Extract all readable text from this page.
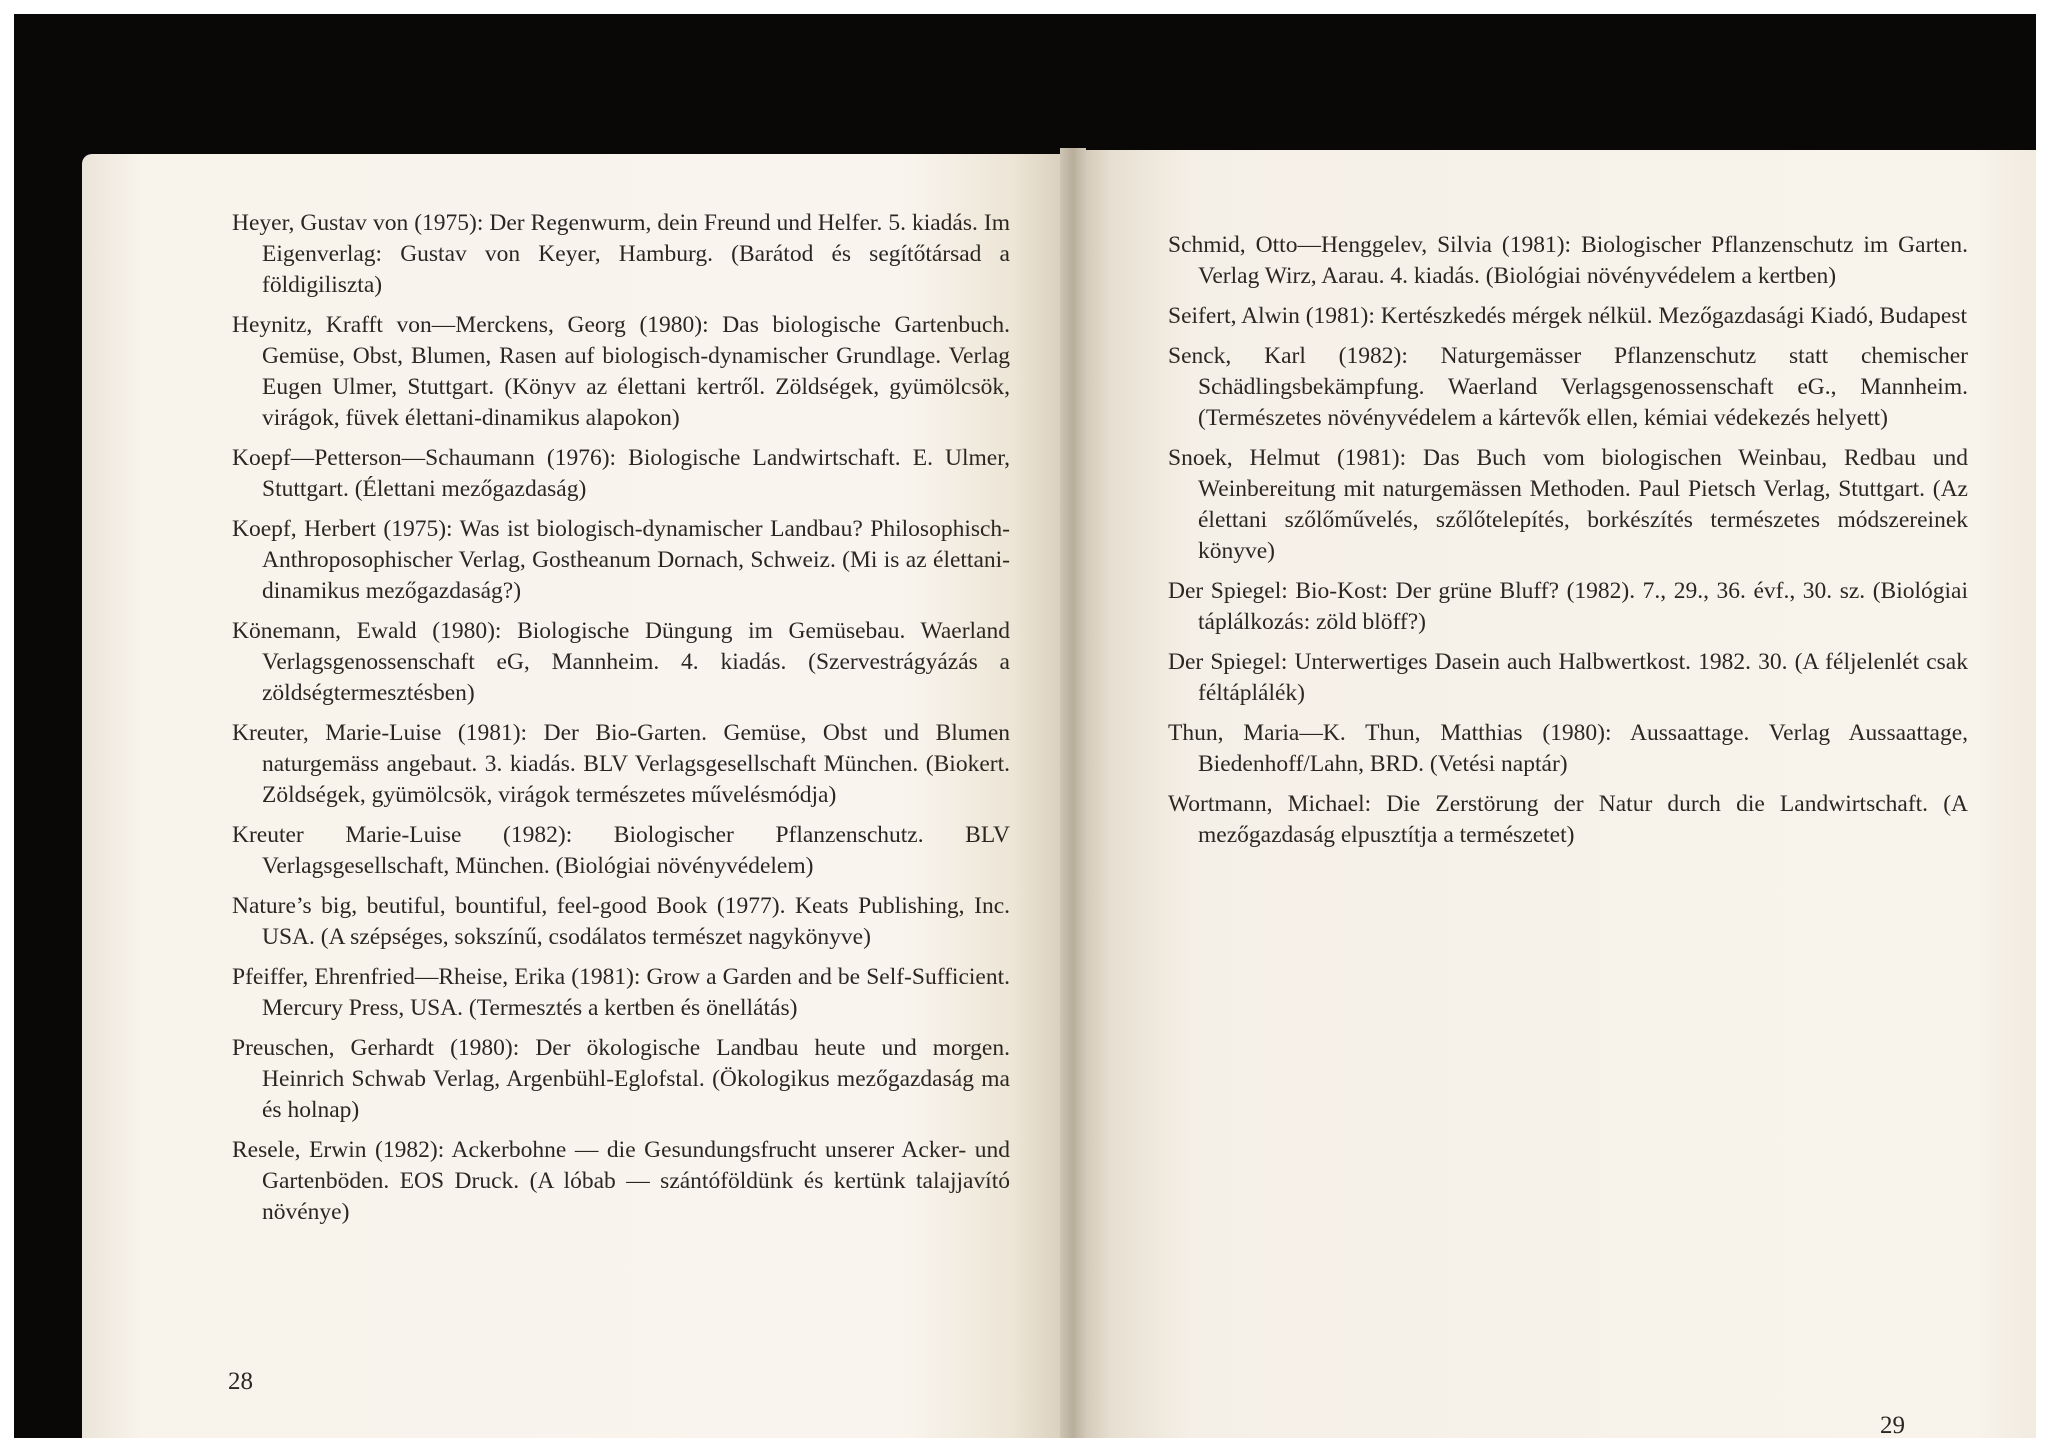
Heyer, Gustav von (1975): Der Regenwurm, dein Freund und Helfer. 5. kiadás. Im Eigenverlag: Gustav von Keyer, Hamburg. (Barátod és segítőtársad a földigiliszta)
Heynitz, Krafft von—Merckens, Georg (1980): Das biologische Gartenbuch. Gemüse, Obst, Blumen, Rasen auf biologisch-dynamischer Grundlage. Verlag Eugen Ulmer, Stuttgart. (Könyv az élettani kertről. Zöldségek, gyümölcsök, virágok, füvek élettani-dinamikus alapokon)
Koepf—Petterson—Schaumann (1976): Biologische Landwirtschaft. E. Ulmer, Stuttgart. (Élettani mezőgazdaság)
Koepf, Herbert (1975): Was ist biologisch-dynamischer Landbau? Philosophisch-Anthroposophischer Verlag, Gostheanum Dornach, Schweiz. (Mi is az élettani-dinamikus mezőgazdaság?)
Könemann, Ewald (1980): Biologische Düngung im Gemüsebau. Waerland Verlagsgenossenschaft eG, Mannheim. 4. kiadás. (Szervestrágyázás a zöldségtermesztésben)
Kreuter, Marie-Luise (1981): Der Bio-Garten. Gemüse, Obst und Blumen naturgemäss angebaut. 3. kiadás. BLV Verlagsgesellschaft München. (Biokert. Zöldségek, gyümölcsök, virágok természetes művelésmódja)
Kreuter Marie-Luise (1982): Biologischer Pflanzenschutz. BLV Verlagsgesellschaft, München. (Biológiai növényvédelem)
Nature’s big, beutiful, bountiful, feel-good Book (1977). Keats Publishing, Inc. USA. (A szépséges, sokszínű, csodálatos természet nagykönyve)
Pfeiffer, Ehrenfried—Rheise, Erika (1981): Grow a Garden and be Self-Sufficient. Mercury Press, USA. (Termesztés a kertben és önellátás)
Preuschen, Gerhardt (1980): Der ökologische Landbau heute und morgen. Heinrich Schwab Verlag, Argenbühl-Eglofstal. (Ökologikus mezőgazdaság ma és holnap)
Resele, Erwin (1982): Ackerbohne — die Gesundungsfrucht unserer Acker- und Gartenböden. EOS Druck. (A lóbab — szántóföldünk és kertünk talajjavító növénye)
28
Schmid, Otto—Henggelev, Silvia (1981): Biologischer Pflanzenschutz im Garten. Verlag Wirz, Aarau. 4. kiadás. (Biológiai növényvédelem a kertben)
Seifert, Alwin (1981): Kertészkedés mérgek nélkül. Mezőgazdasági Kiadó, Budapest
Senck, Karl (1982): Naturgemässer Pflanzenschutz statt chemischer Schädlingsbekämpfung. Waerland Verlagsgenossenschaft eG., Mannheim. (Természetes növényvédelem a kártevők ellen, kémiai védekezés helyett)
Snoek, Helmut (1981): Das Buch vom biologischen Weinbau, Redbau und Weinbereitung mit naturgemässen Methoden. Paul Pietsch Verlag, Stuttgart. (Az élettani szőlőművelés, szőlőtelepítés, borkészítés természetes módszereinek könyve)
Der Spiegel: Bio-Kost: Der grüne Bluff? (1982). 7., 29., 36. évf., 30. sz. (Biológiai táplálkozás: zöld blöff?)
Der Spiegel: Unterwertiges Dasein auch Halbwertkost. 1982. 30. (A féljelenlét csak féltáplálék)
Thun, Maria—K. Thun, Matthias (1980): Aussaattage. Verlag Aussaattage, Biedenhoff/Lahn, BRD. (Vetési naptár)
Wortmann, Michael: Die Zerstörung der Natur durch die Landwirtschaft. (A mezőgazdaság elpusztítja a természetet)
29
